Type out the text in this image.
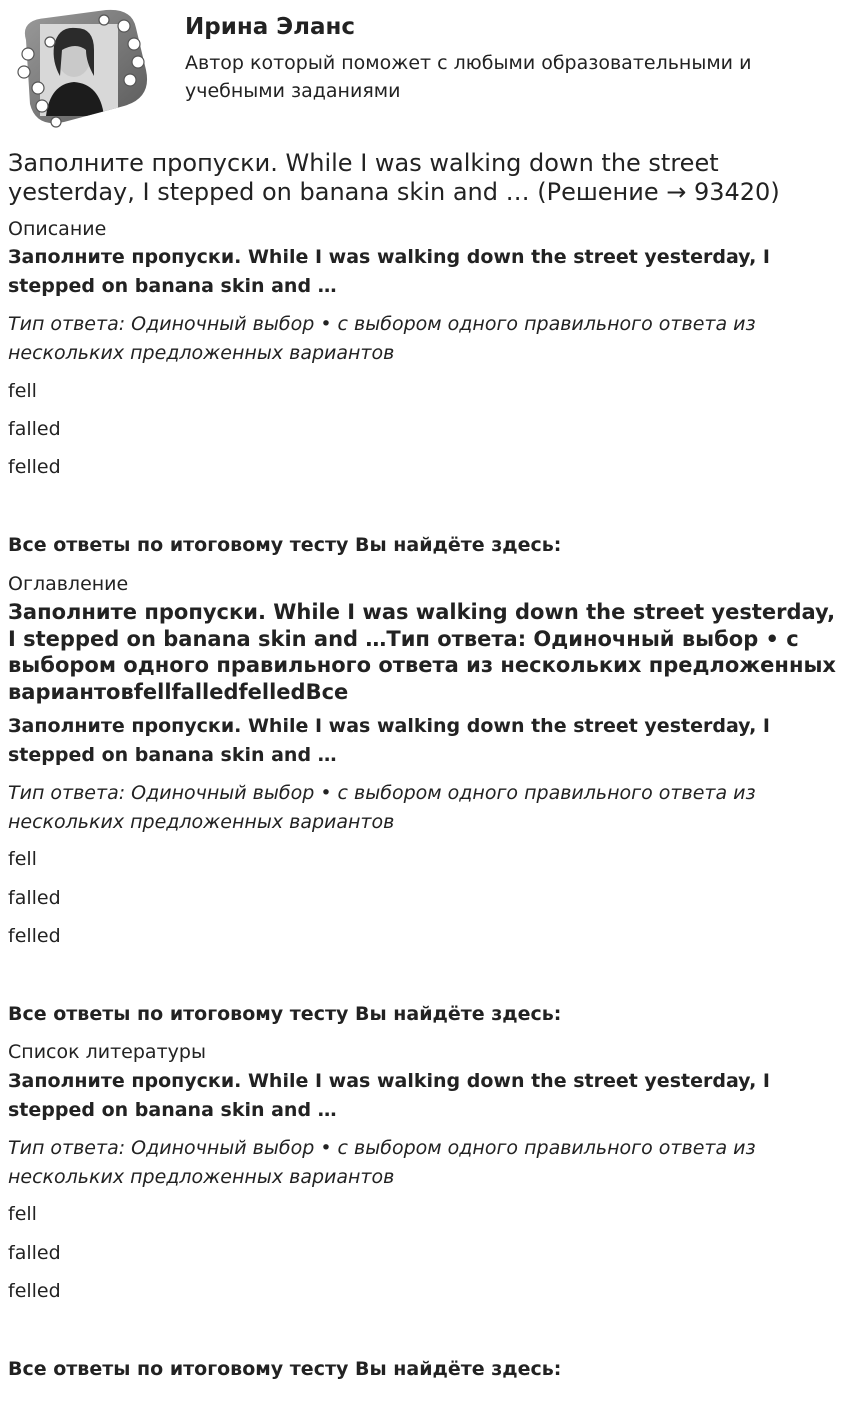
Ирина Эланс

Автор который поможет с любыми образовательными и учебными заданиями

Заполните пропуски. While I was walking down the street yesterday, I stepped on banana skin and … (Решение → 93420)

Описание

Заполните пропуски. While I was walking down the street yesterday, I stepped on banana skin and …

Тип ответа: Одиночный выбор • с выбором одного правильного ответа из нескольких предложенных вариантов

fell

falled

felled

Все ответы по итоговому тесту Вы найдёте здесь:

Оглавление

Заполните пропуски. While I was walking down the street yesterday, I stepped on banana skin and …Тип ответа: Одиночный выбор • с выбором одного правильного ответа из нескольких предложенных вариантовfellfalledfelledВсе

Заполните пропуски. While I was walking down the street yesterday, I stepped on banana skin and …

Тип ответа: Одиночный выбор • с выбором одного правильного ответа из нескольких предложенных вариантов

fell

falled

felled

Все ответы по итоговому тесту Вы найдёте здесь:

Список литературы

Заполните пропуски. While I was walking down the street yesterday, I stepped on banana skin and …

Тип ответа: Одиночный выбор • с выбором одного правильного ответа из нескольких предложенных вариантов

fell

falled

felled

Все ответы по итоговому тесту Вы найдёте здесь:
